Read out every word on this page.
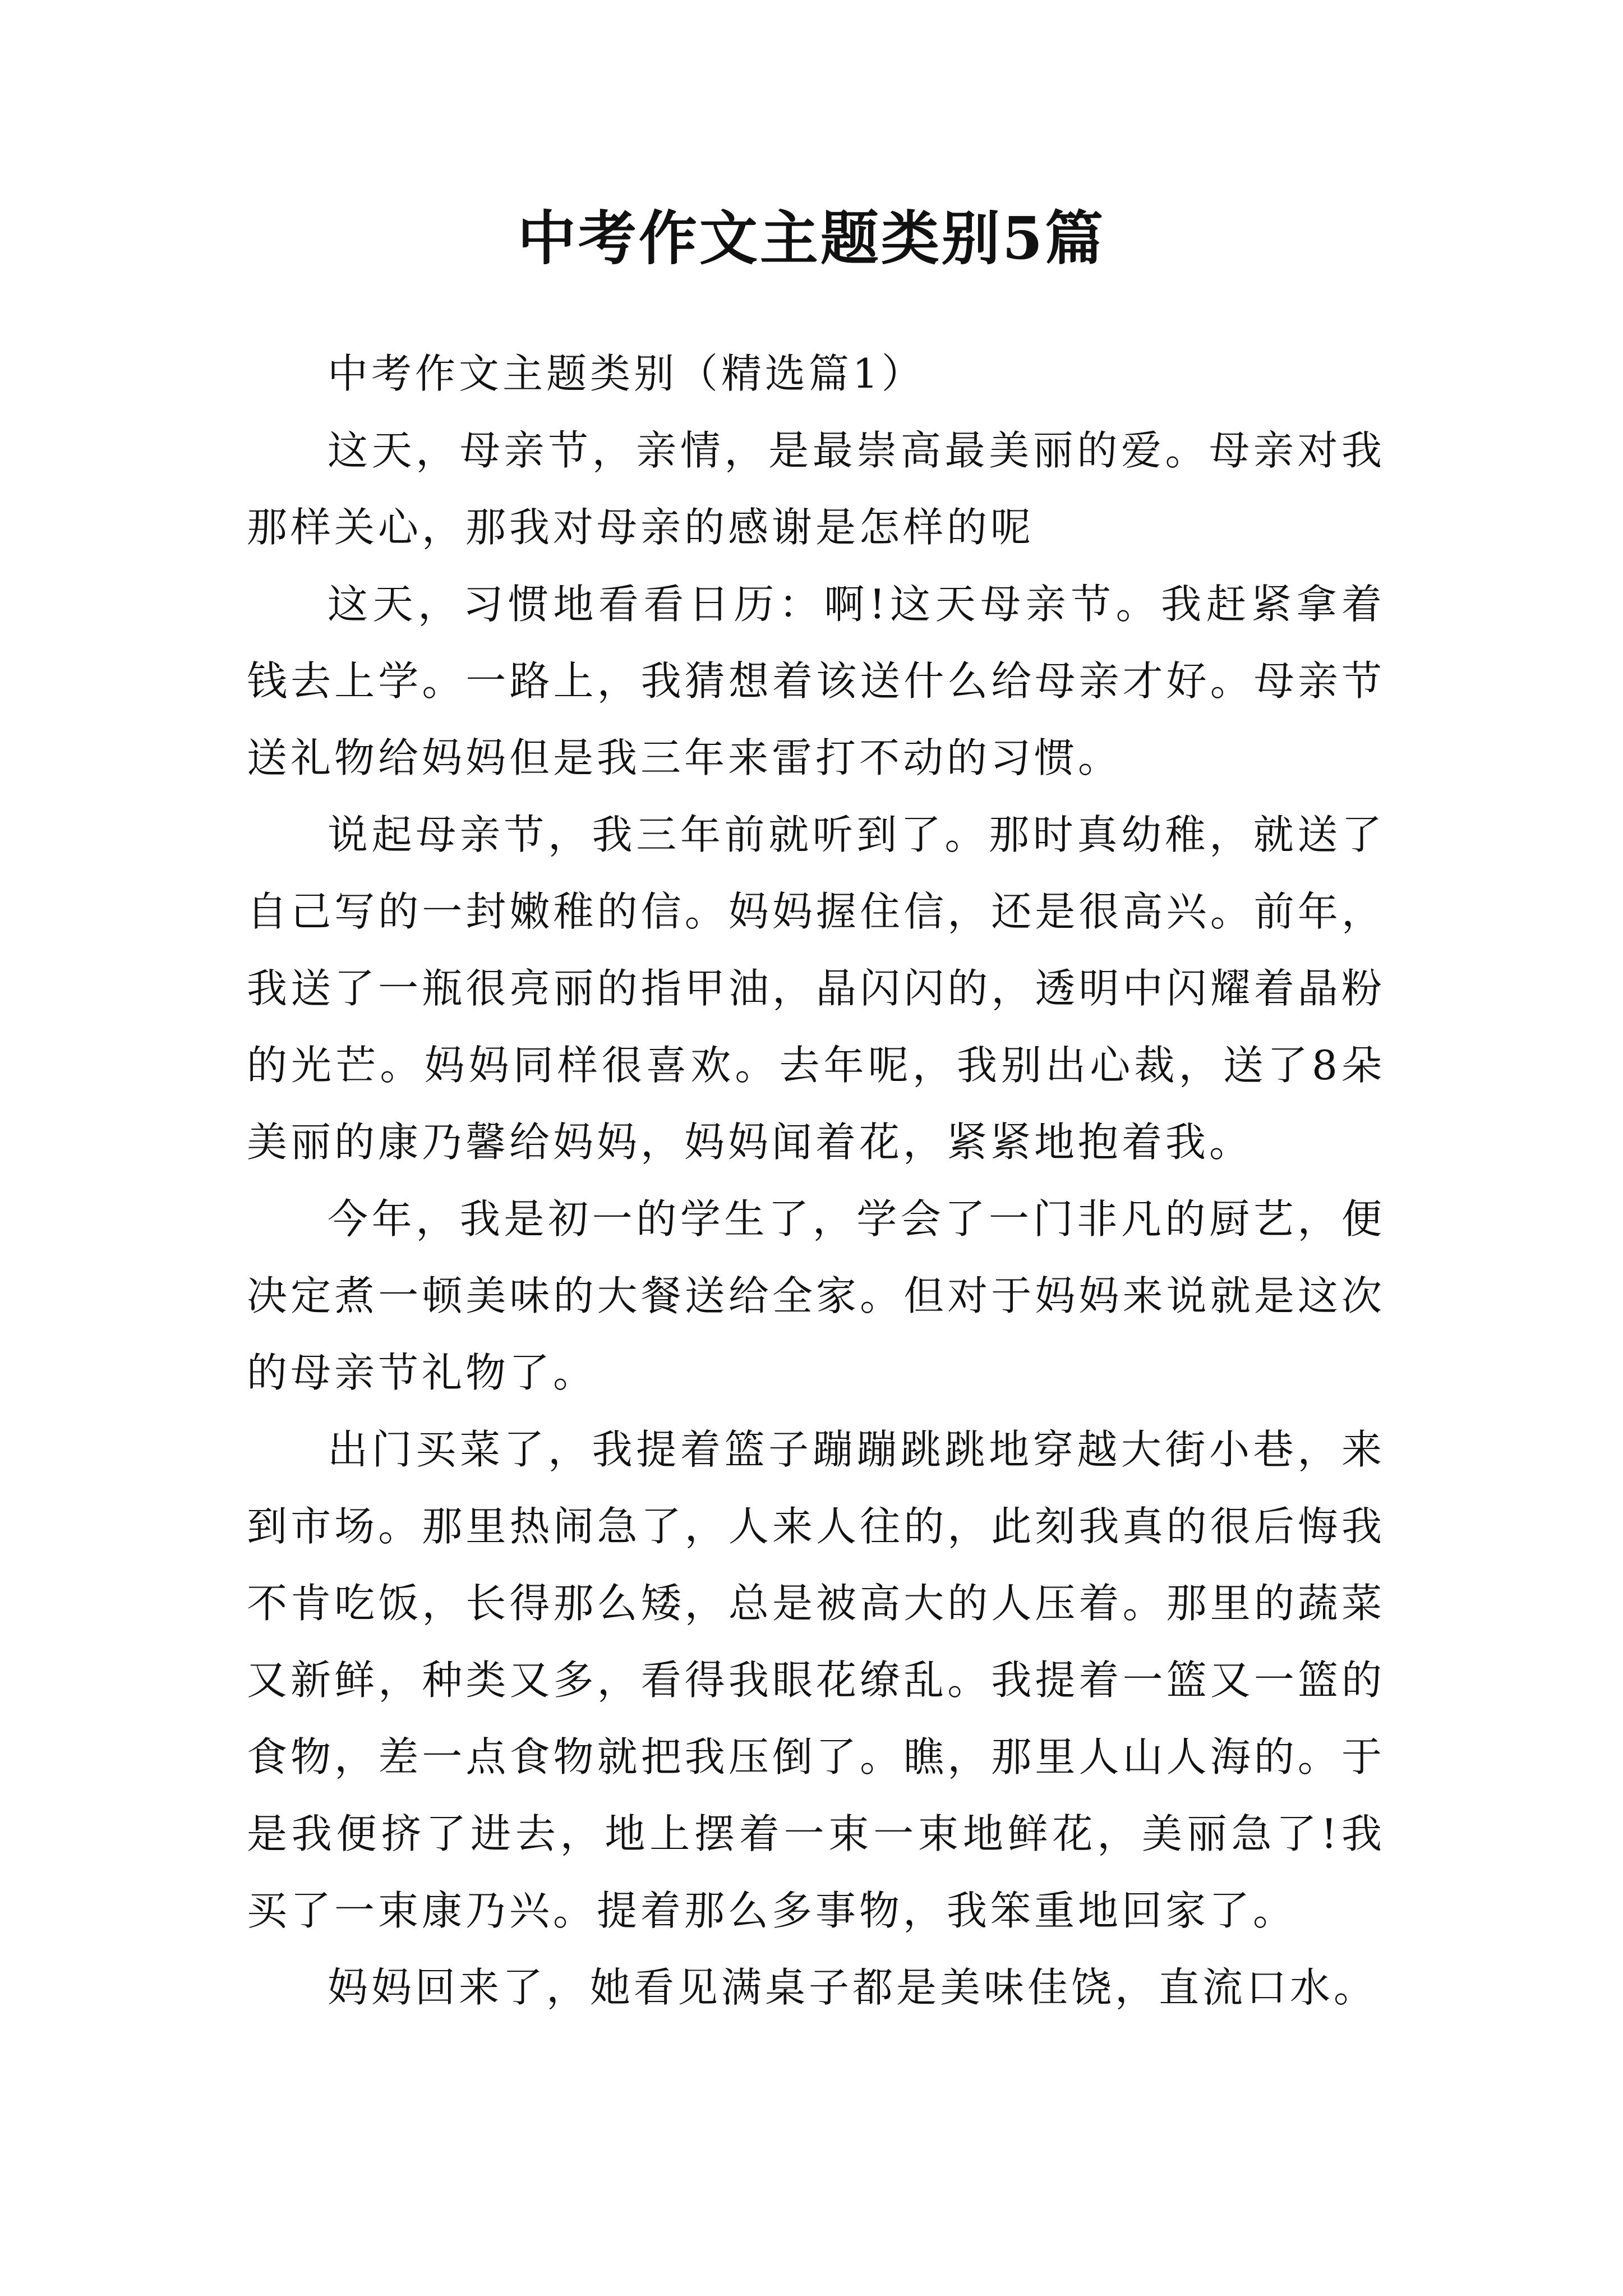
中考作文主题类别5篇

中考作文主题类别（精选篇1）

这天，母亲节，亲情，是最崇高最美丽的爱。母亲对我那样关心，那我对母亲的感谢是怎样的呢

这天，习惯地看看日历：啊!这天母亲节。我赶紧拿着钱去上学。一路上，我猜想着该送什么给母亲才好。母亲节送礼物给妈妈但是我三年来雷打不动的习惯。

说起母亲节，我三年前就听到了。那时真幼稚，就送了自己写的一封嫩稚的信。妈妈握住信，还是很高兴。前年，我送了一瓶很亮丽的指甲油，晶闪闪的，透明中闪耀着晶粉的光芒。妈妈同样很喜欢。去年呢，我别出心裁，送了8朵美丽的康乃馨给妈妈，妈妈闻着花，紧紧地抱着我。

今年，我是初一的学生了，学会了一门非凡的厨艺，便决定煮一顿美味的大餐送给全家。但对于妈妈来说就是这次的母亲节礼物了。

出门买菜了，我提着篮子蹦蹦跳跳地穿越大街小巷，来到市场。那里热闹急了，人来人往的，此刻我真的很后悔我不肯吃饭，长得那么矮，总是被高大的人压着。那里的蔬菜又新鲜，种类又多，看得我眼花缭乱。我提着一篮又一篮的食物，差一点食物就把我压倒了。瞧，那里人山人海的。于是我便挤了进去，地上摆着一束一束地鲜花，美丽急了!我买了一束康乃兴。提着那么多事物，我笨重地回家了。

妈妈回来了，她看见满桌子都是美味佳饶，直流口水。
